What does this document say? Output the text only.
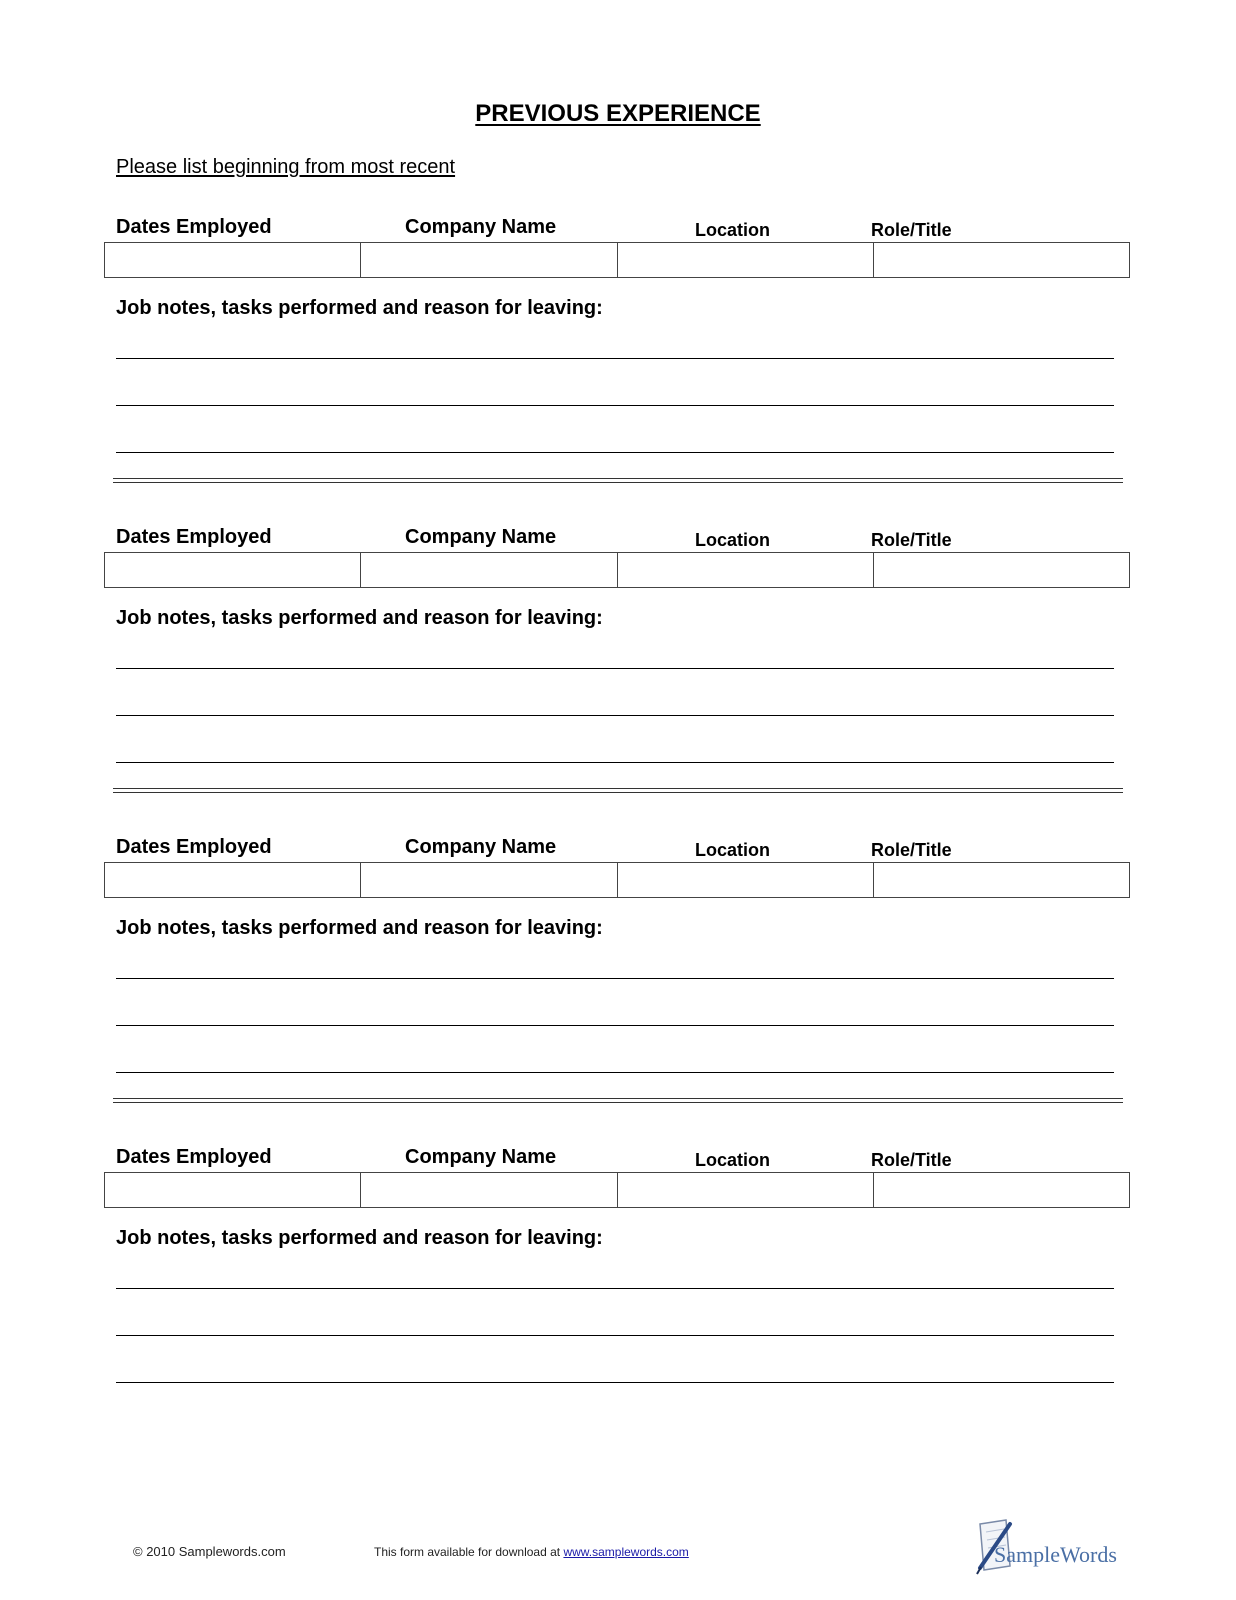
PREVIOUS EXPERIENCE
Please list beginning from most recent
Dates Employed	Company Name	Location	Role/Title
Job notes, tasks performed and reason for leaving:
Dates Employed	Company Name	Location	Role/Title
Job notes, tasks performed and reason for leaving:
Dates Employed	Company Name	Location	Role/Title
Job notes, tasks performed and reason for leaving:
Dates Employed	Company Name	Location	Role/Title
Job notes, tasks performed and reason for leaving:
© 2010 Samplewords.com	This form available for download at www.samplewords.com	SampleWords
